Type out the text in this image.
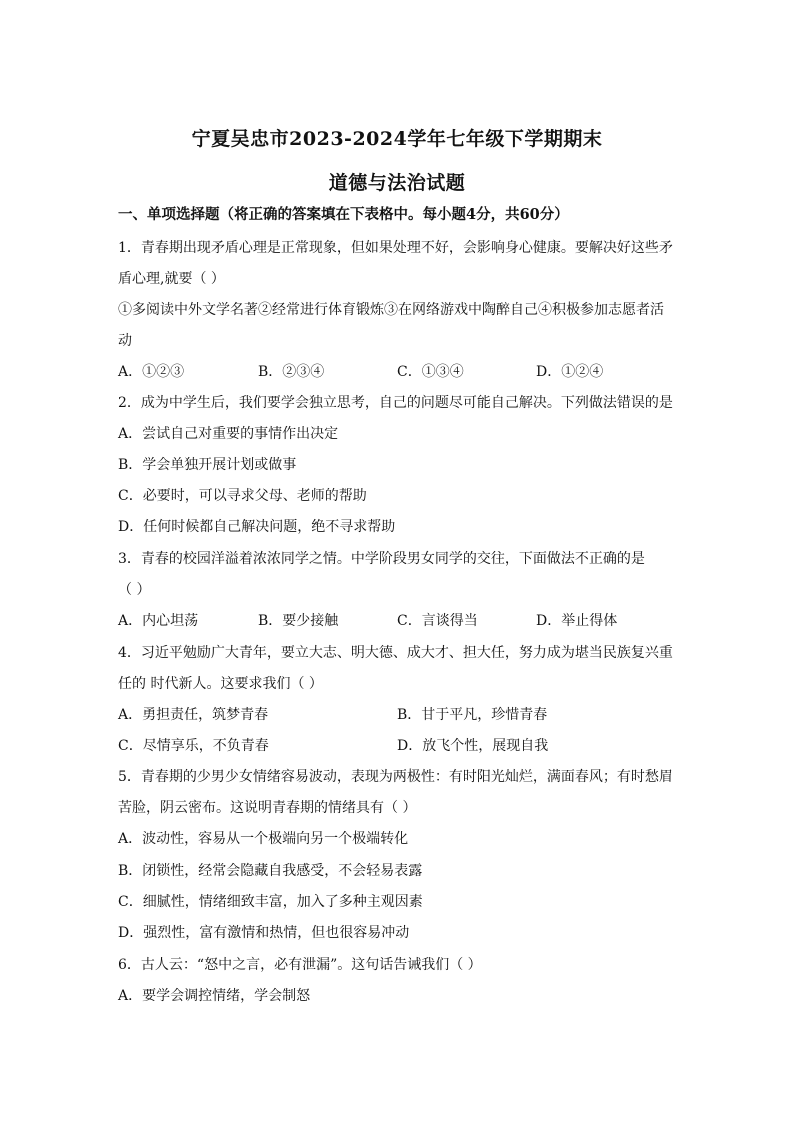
宁夏吴忠市2023-2024学年七年级下学期期末
道德与法治试题
一、单项选择题（将正确的答案填在下表格中。每小题4分，共60分）
1．青春期出现矛盾心理是正常现象，但如果处理不好，会影响身心健康。要解决好这些矛
盾心理,就要（ ）
①多阅读中外文学名著②经常进行体育锻炼③在网络游戏中陶醉自己④积极参加志愿者活
动
A．①②③	B．②③④	C．①③④	D．①②④
2．成为中学生后，我们要学会独立思考，自己的问题尽可能自己解决。下列做法错误的是
A．尝试自己对重要的事情作出决定
B．学会单独开展计划或做事
C．必要时，可以寻求父母、老师的帮助
D．任何时候都自己解决问题，绝不寻求帮助
3．青春的校园洋溢着浓浓同学之情。中学阶段男女同学的交往，下面做法不正确的是
（ ）
A．内心坦荡	B．要少接触	C．言谈得当	D．举止得体
4．习近平勉励广大青年，要立大志、明大德、成大才、担大任，努力成为堪当民族复兴重
任的 时代新人。这要求我们（ ）
A．勇担责任，筑梦青春	B．甘于平凡，珍惜青春
C．尽情享乐，不负青春	D．放飞个性，展现自我
5．青春期的少男少女情绪容易波动，表现为两极性：有时阳光灿烂，满面春风；有时愁眉
苦脸，阴云密布。这说明青春期的情绪具有（ ）
A．波动性，容易从一个极端向另一个极端转化
B．闭锁性，经常会隐藏自我感受，不会轻易表露
C．细腻性，情绪细致丰富，加入了多种主观因素
D．强烈性，富有激情和热情，但也很容易冲动
6．古人云：“怒中之言，必有泄漏”。这句话告诫我们（ ）
A．要学会调控情绪，学会制怒
